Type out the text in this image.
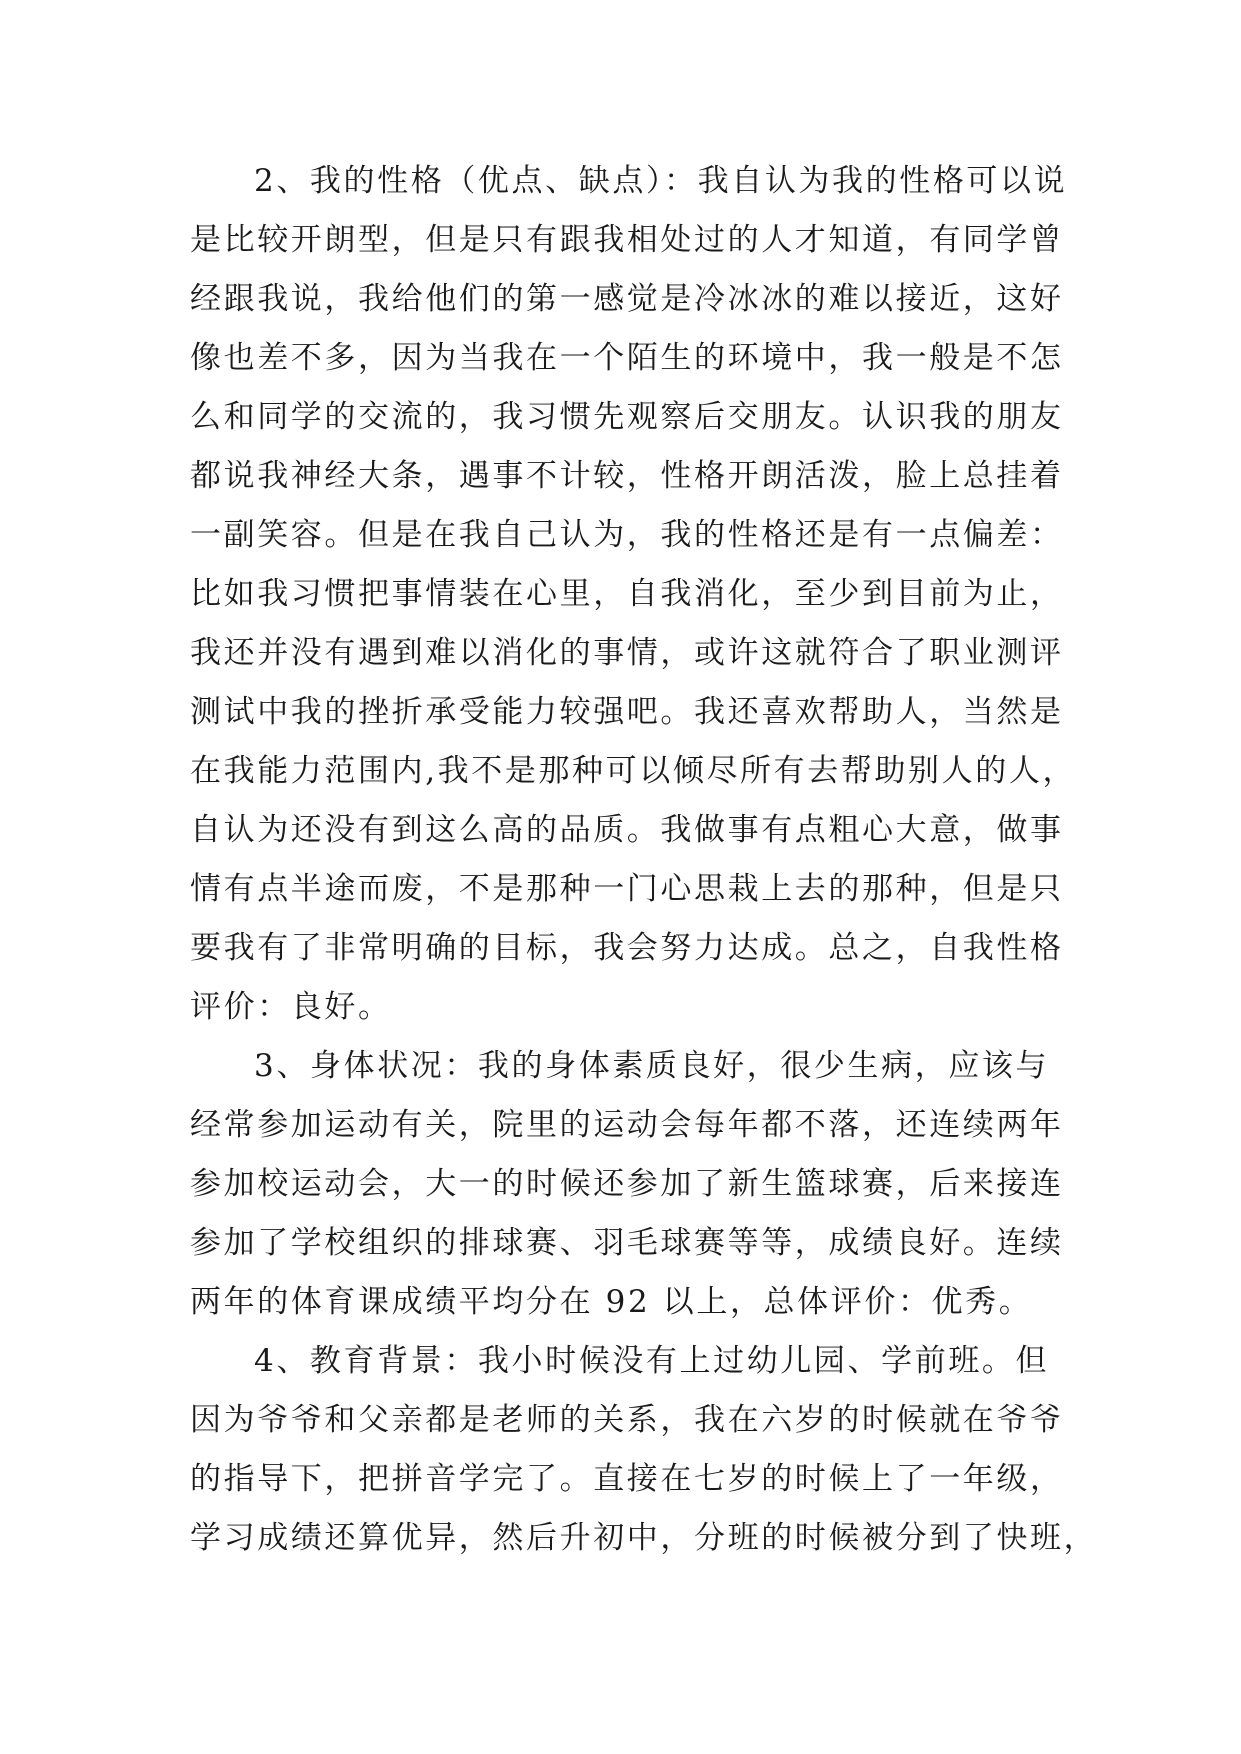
2、我的性格（优点、缺点）：我自认为我的性格可以说
是比较开朗型，但是只有跟我相处过的人才知道，有同学曾
经跟我说，我给他们的第一感觉是冷冰冰的难以接近，这好
像也差不多，因为当我在一个陌生的环境中，我一般是不怎
么和同学的交流的，我习惯先观察后交朋友。认识我的朋友
都说我神经大条，遇事不计较，性格开朗活泼，脸上总挂着
一副笑容。但是在我自己认为，我的性格还是有一点偏差：
比如我习惯把事情装在心里，自我消化，至少到目前为止，
我还并没有遇到难以消化的事情，或许这就符合了职业测评
测试中我的挫折承受能力较强吧。我还喜欢帮助人，当然是
在我能力范围内,我不是那种可以倾尽所有去帮助别人的人，
自认为还没有到这么高的品质。我做事有点粗心大意，做事
情有点半途而废，不是那种一门心思栽上去的那种，但是只
要我有了非常明确的目标，我会努力达成。总之，自我性格
评价：良好。
3、身体状况：我的身体素质良好，很少生病，应该与
经常参加运动有关，院里的运动会每年都不落，还连续两年
参加校运动会，大一的时候还参加了新生篮球赛，后来接连
参加了学校组织的排球赛、羽毛球赛等等，成绩良好。连续
两年的体育课成绩平均分在 92 以上，总体评价：优秀。
4、教育背景：我小时候没有上过幼儿园、学前班。但
因为爷爷和父亲都是老师的关系，我在六岁的时候就在爷爷
的指导下，把拼音学完了。直接在七岁的时候上了一年级，
学习成绩还算优异，然后升初中，分班的时候被分到了快班，
